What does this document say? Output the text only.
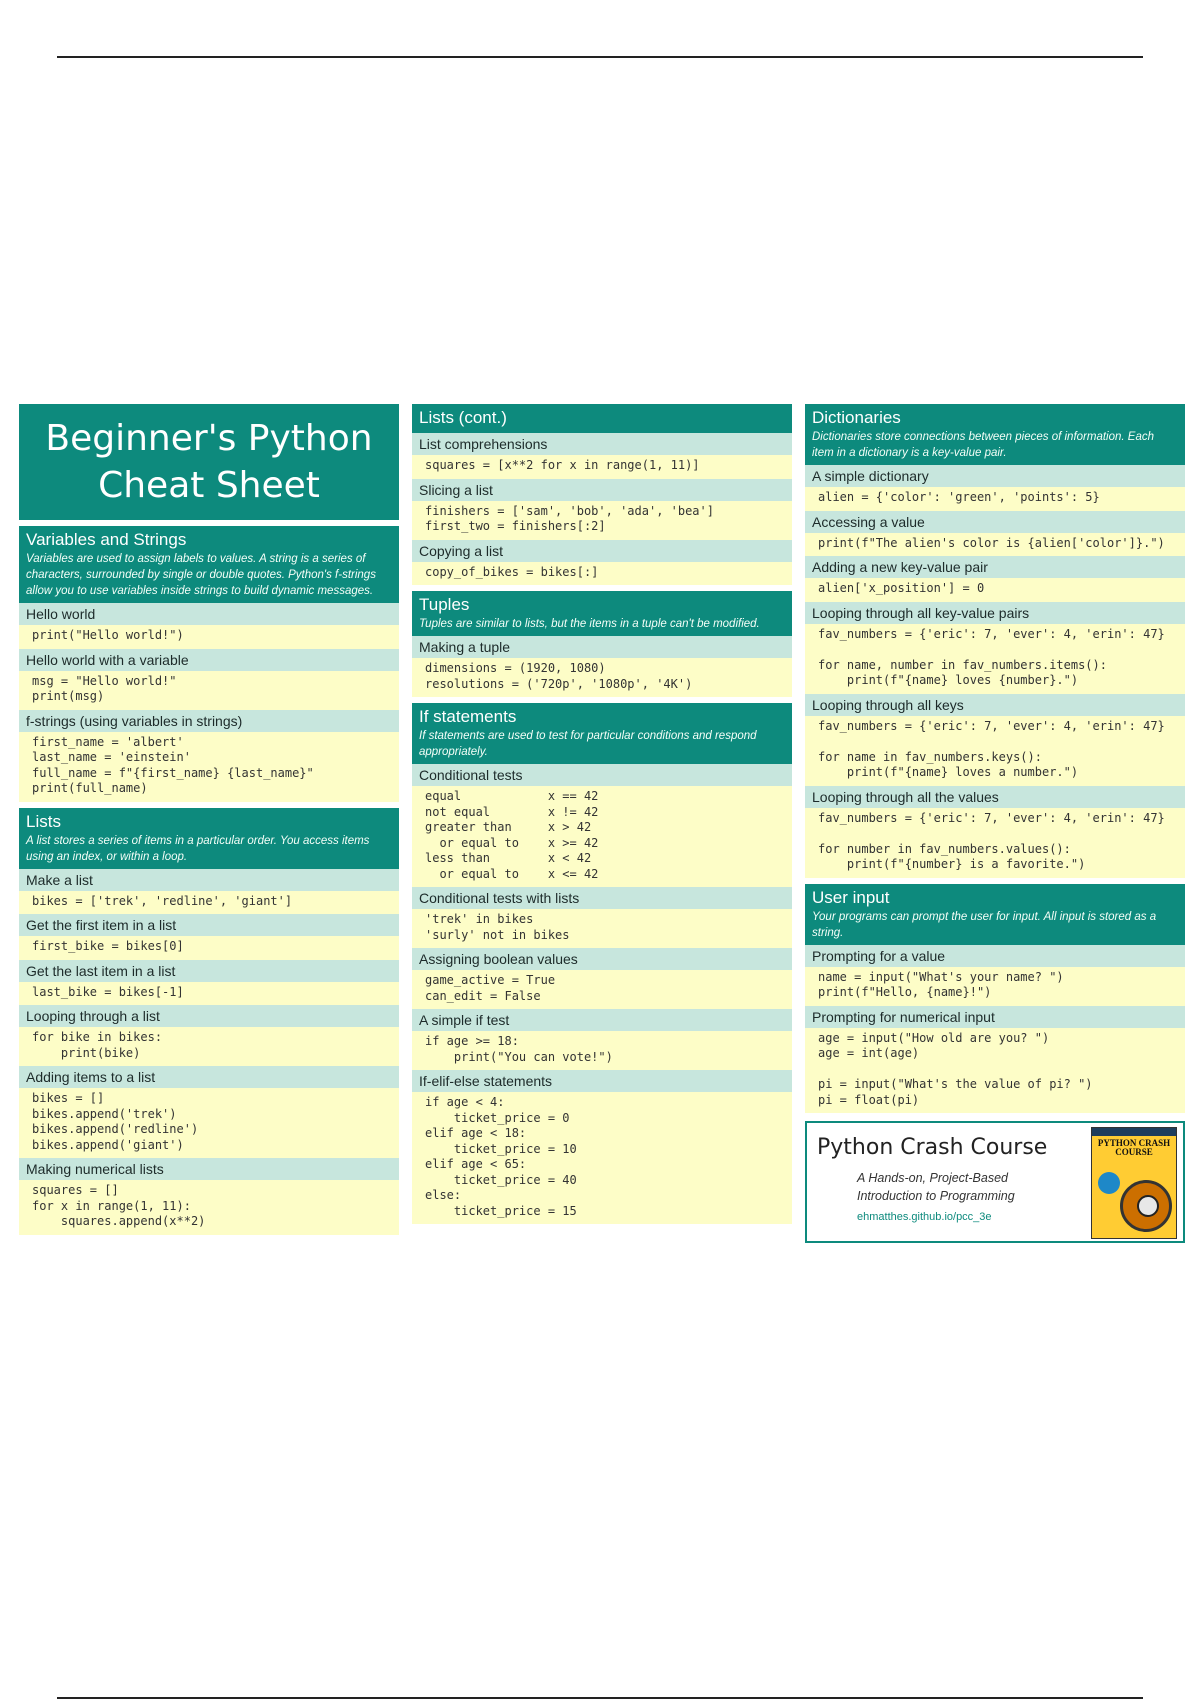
Beginner's Python
Cheat Sheet
Variables and Strings
Variables are used to assign labels to values. A string is a series of characters, surrounded by single or double quotes. Python's f-strings allow you to use variables inside strings to build dynamic messages.
Hello world
print("Hello world!")
Hello world with a variable
msg = "Hello world!"
print(msg)
f-strings (using variables in strings)
first_name = 'albert'
last_name = 'einstein'
full_name = f"{first_name} {last_name}"
print(full_name)
Lists
A list stores a series of items in a particular order. You access items using an index, or within a loop.
Make a list
bikes = ['trek', 'redline', 'giant']
Get the first item in a list
first_bike = bikes[0]
Get the last item in a list
last_bike = bikes[-1]
Looping through a list
for bike in bikes:
print(bike)
Adding items to a list
bikes = []
bikes.append('trek')
bikes.append('redline')
bikes.append('giant')
Making numerical lists
squares = []
for x in range(1, 11):
squares.append(x**2)
Lists (cont.)
List comprehensions
squares = [x**2 for x in range(1, 11)]
Slicing a list
finishers = ['sam', 'bob', 'ada', 'bea']
first_two = finishers[:2]
Copying a list
copy_of_bikes = bikes[:]
Tuples
Tuples are similar to lists, but the items in a tuple can't be modified.
Making a tuple
dimensions = (1920, 1080)
resolutions = ('720p', '1080p', '4K')
If statements
If statements are used to test for particular conditions and respond appropriately.
Conditional tests
equal            x == 42
not equal        x != 42
greater than     x > 42
or equal to    x >= 42
less than        x < 42
or equal to    x <= 42
Conditional tests with lists
'trek' in bikes
'surly' not in bikes
Assigning boolean values
game_active = True
can_edit = False
A simple if test
if age >= 18:
print("You can vote!")
If-elif-else statements
if age < 4:
ticket_price = 0
elif age < 18:
ticket_price = 10
elif age < 65:
ticket_price = 40
else:
ticket_price = 15
Dictionaries
Dictionaries store connections between pieces of information. Each item in a dictionary is a key-value pair.
A simple dictionary
alien = {'color': 'green', 'points': 5}
Accessing a value
print(f"The alien's color is {alien['color']}.")
Adding a new key-value pair
alien['x_position'] = 0
Looping through all key-value pairs
fav_numbers = {'eric': 7, 'ever': 4, 'erin': 47}

for name, number in fav_numbers.items():
print(f"{name} loves {number}.")
Looping through all keys
fav_numbers = {'eric': 7, 'ever': 4, 'erin': 47}

for name in fav_numbers.keys():
print(f"{name} loves a number.")
Looping through all the values
fav_numbers = {'eric': 7, 'ever': 4, 'erin': 47}

for number in fav_numbers.values():
print(f"{number} is a favorite.")
User input
Your programs can prompt the user for input. All input is stored as a string.
Prompting for a value
name = input("What's your name? ")
print(f"Hello, {name}!")
Prompting for numerical input
age = input("How old are you? ")
age = int(age)

pi = input("What's the value of pi? ")
pi = float(pi)
Python Crash Course
A Hands-on, Project-Based
Introduction to Programming
ehmatthes.github.io/pcc_3e
PYTHON CRASH COURSE
